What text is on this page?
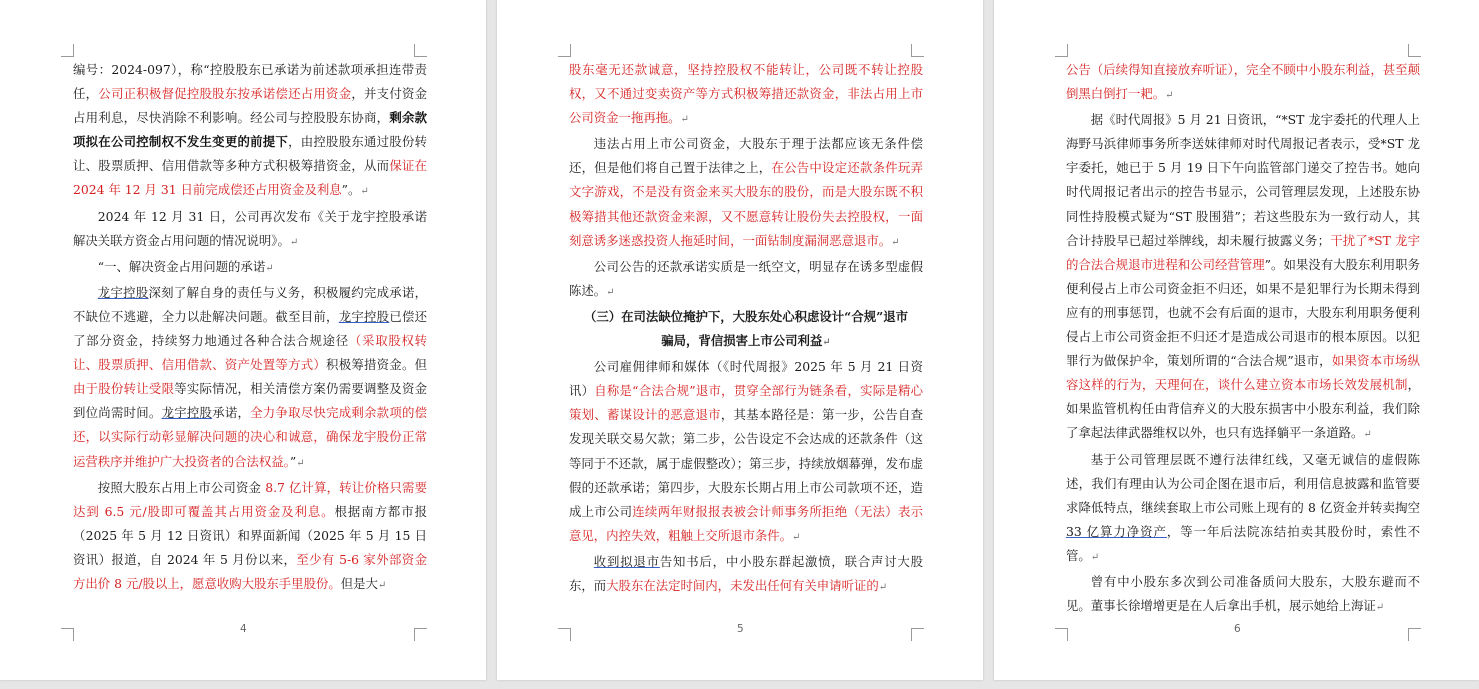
编号：2024-097），称“控股股东已承诺为前述款项承担连带责任，公司正积极督促控股股东按承诺偿还占用资金，并支付资金占用利息，尽快消除不利影响。经公司与控股股东协商，剩余款项拟在公司控制权不发生变更的前提下，由控股股东通过股份转让、股票质押、信用借款等多种方式积极筹措资金，从而保证在 2024 年 12 月 31 日前完成偿还占用资金及利息”。↵

2024 年 12 月 31 日，公司再次发布《关于龙宇控股承诺解决关联方资金占用问题的情况说明》。↵

“一、解决资金占用问题的承诺↵

龙宇控股深刻了解自身的责任与义务，积极履约完成承诺，不缺位不逃避，全力以赴解决问题。截至目前，龙宇控股已偿还了部分资金，持续努力地通过各种合法合规途径（采取股权转让、股票质押、信用借款、资产处置等方式）积极筹措资金。但由于股份转让受限等实际情况，相关清偿方案仍需要调整及资金到位尚需时间。龙宇控股承诺，全力争取尽快完成剩余款项的偿还，以实际行动彰显解决问题的决心和诚意，确保龙宇股份正常运营秩序并维护广大投资者的合法权益。”↵

按照大股东占用上市公司资金 8.7 亿计算，转让价格只需要达到 6.5 元/股即可覆盖其占用资金及利息。根据南方都市报（2025 年 5 月 12 日资讯）和界面新闻（2025 年 5 月 15 日资讯）报道，自 2024 年 5 月份以来，至少有 5-6 家外部资金方出价 8 元/股以上，愿意收购大股东手里股份。但是大↵

4

股东毫无还款诚意，坚持控股权不能转让，公司既不转让控股权，又不通过变卖资产等方式积极筹措还款资金，非法占用上市公司资金一拖再拖。↵

违法占用上市公司资金，大股东于理于法都应该无条件偿还，但是他们将自己置于法律之上，在公告中设定还款条件玩弄文字游戏，不是没有资金来买大股东的股份，而是大股东既不积极筹措其他还款资金来源，又不愿意转让股份失去控股权，一面刻意诱多迷惑投资人拖延时间，一面钻制度漏洞恶意退市。↵

公司公告的还款承诺实质是一纸空文，明显存在诱多型虚假陈述。↵

（三）在司法缺位掩护下，大股东处心积虑设计“合规”退市骗局，背信损害上市公司利益↵

公司雇佣律师和媒体（《时代周报》2025 年 5 月 21 日资讯）自称是“合法合规”退市，贯穿全部行为链条看，实际是精心策划、蓄谋设计的恶意退市，其基本路径是：第一步，公告自查发现关联交易欠款；第二步，公告设定不会达成的还款条件（这等同于不还款，属于虚假整改）；第三步，持续放烟幕弹，发布虚假的还款承诺；第四步，大股东长期占用上市公司款项不还，造成上市公司连续两年财报报表被会计师事务所拒绝（无法）表示意见，内控失效，粗触上交所退市条件。↵

收到拟退市告知书后，中小股东群起激愤，联合声讨大股东，而大股东在法定时间内，未发出任何有关申请听证的↵

5

公告（后续得知直接放弃听证），完全不顾中小股东利益，甚至颠倒黑白倒打一耙。↵

据《时代周报》5 月 21 日资讯，“*ST 龙宇委托的代理人上海野马浜律师事务所李送妹律师对时代周报记者表示，受*ST 龙宇委托，她已于 5 月 19 日下午向监管部门递交了控告书。她向时代周报记者出示的控告书显示，公司管理层发现，上述股东协同性持股模式疑为“ST 股围猎”；若这些股东为一致行动人，其合计持股早已超过举牌线，却未履行披露义务；干扰了*ST 龙宇的合法合规退市进程和公司经营管理”。如果没有大股东利用职务便利侵占上市公司资金拒不归还，如果不是犯罪行为长期未得到应有的刑事惩罚，也就不会有后面的退市，大股东利用职务便利侵占上市公司资金拒不归还才是造成公司退市的根本原因。以犯罪行为做保护伞，策划所谓的“合法合规”退市，如果资本市场纵容这样的行为，天理何在，谈什么建立资本市场长效发展机制，如果监管机构任由背信弃义的大股东损害中小股东利益，我们除了拿起法律武器维权以外，也只有选择躺平一条道路。↵

基于公司管理层既不遵行法律红线，又毫无诚信的虚假陈述，我们有理由认为公司企图在退市后，利用信息披露和监管要求降低特点，继续套取上市公司账上现有的 8 亿资金并转卖掏空 33 亿算力净资产，等一年后法院冻结拍卖其股份时，索性不管。↵

曾有中小股东多次到公司准备质问大股东，大股东避而不见。董事长徐增增更是在人后拿出手机，展示她给上海证↵

6
